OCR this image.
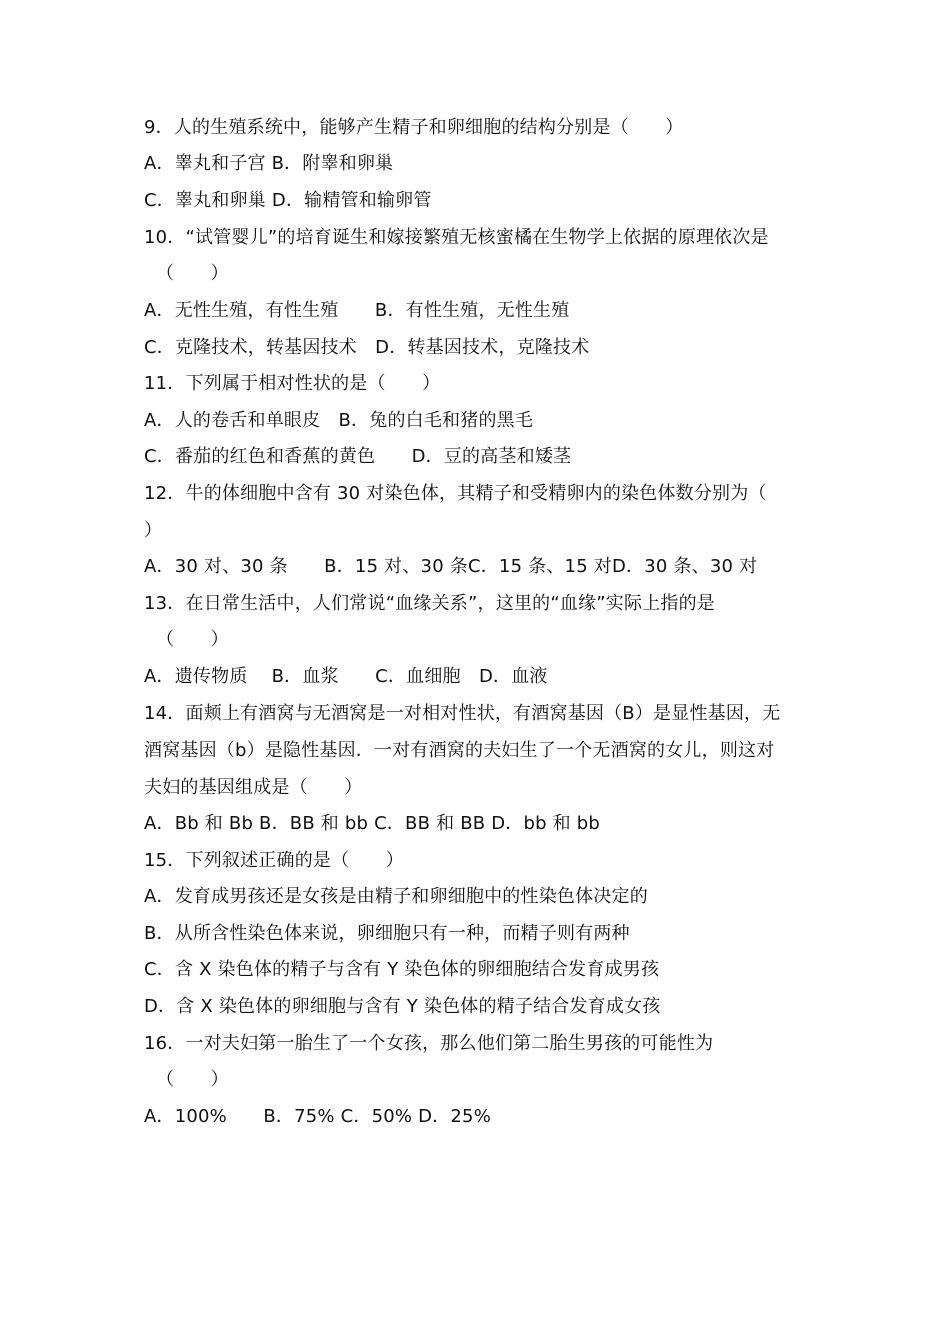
9．人的生殖系统中，能够产生精子和卵细胞的结构分别是（　　）
A．睾丸和子宫 B．附睾和卵巢
C．睾丸和卵巢 D．输精管和输卵管
10．“试管婴儿”的培育诞生和嫁接繁殖无核蜜橘在生物学上依据的原理依次是
（　　）
A．无性生殖，有性生殖　　B．有性生殖，无性生殖
C．克隆技术，转基因技术　D．转基因技术，克隆技术
11．下列属于相对性状的是（　　）
A．人的卷舌和单眼皮　B．兔的白毛和猪的黑毛
C．番茄的红色和香蕉的黄色　　D．豆的高茎和矮茎
12．牛的体细胞中含有 30 对染色体，其精子和受精卵内的染色体数分别为（
）
A．30 对、30 条　　B．15 对、30 条C．15 条、15 对D．30 条、30 对
13．在日常生活中，人们常说“血缘关系”，这里的“血缘”实际上指的是
（　　）
A．遗传物质　 B．血浆　　C．血细胞　D．血液
14．面颊上有酒窝与无酒窝是一对相对性状，有酒窝基因（B）是显性基因，无
酒窝基因（b）是隐性基因．一对有酒窝的夫妇生了一个无酒窝的女儿，则这对
夫妇的基因组成是（　　）
A．Bb 和 Bb B．BB 和 bb C．BB 和 BB D．bb 和 bb
15．下列叙述正确的是（　　）
A．发育成男孩还是女孩是由精子和卵细胞中的性染色体决定的
B．从所含性染色体来说，卵细胞只有一种，而精子则有两种
C．含 X 染色体的精子与含有 Y 染色体的卵细胞结合发育成男孩
D．含 X 染色体的卵细胞与含有 Y 染色体的精子结合发育成女孩
16．一对夫妇第一胎生了一个女孩，那么他们第二胎生男孩的可能性为
（　　）
A．100%　　B．75% C．50% D．25%
